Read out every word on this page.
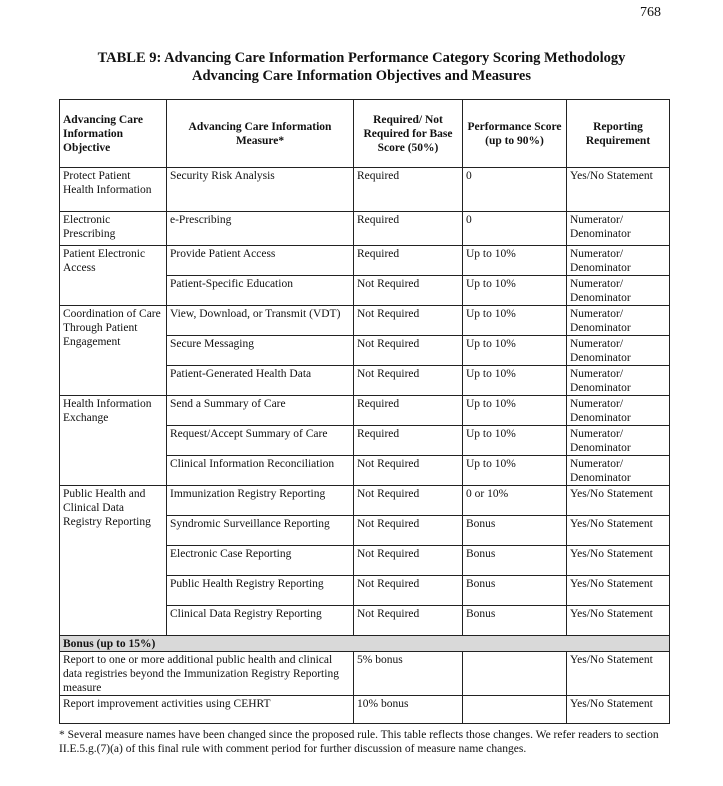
768
TABLE 9: Advancing Care Information Performance Category Scoring Methodology
Advancing Care Information Objectives and Measures
Advancing Care Information Objective	Advancing Care Information Measure*	Required/ Not Required for Base Score (50%)	Performance Score (up to 90%)	Reporting Requirement
Protect Patient Health Information	Security Risk Analysis	Required	0	Yes/No Statement
Electronic Prescribing	e-Prescribing	Required	0	Numerator/ Denominator
Patient Electronic Access	Provide Patient Access	Required	Up to 10%	Numerator/ Denominator
	Patient-Specific Education	Not Required	Up to 10%	Numerator/ Denominator
Coordination of Care Through Patient Engagement	View, Download, or Transmit (VDT)	Not Required	Up to 10%	Numerator/ Denominator
	Secure Messaging	Not Required	Up to 10%	Numerator/ Denominator
	Patient-Generated Health Data	Not Required	Up to 10%	Numerator/ Denominator
Health Information Exchange	Send a Summary of Care	Required	Up to 10%	Numerator/ Denominator
	Request/Accept Summary of Care	Required	Up to 10%	Numerator/ Denominator
	Clinical Information Reconciliation	Not Required	Up to 10%	Numerator/ Denominator
Public Health and Clinical Data Registry Reporting	Immunization Registry Reporting	Not Required	0 or 10%	Yes/No Statement
	Syndromic Surveillance Reporting	Not Required	Bonus	Yes/No Statement
	Electronic Case Reporting	Not Required	Bonus	Yes/No Statement
	Public Health Registry Reporting	Not Required	Bonus	Yes/No Statement
	Clinical Data Registry Reporting	Not Required	Bonus	Yes/No Statement
Bonus (up to 15%)				
Report to one or more additional public health and clinical data registries beyond the Immunization Registry Reporting measure		5% bonus		Yes/No Statement
Report improvement activities using CEHRT		10% bonus		Yes/No Statement
* Several measure names have been changed since the proposed rule. This table reflects those changes. We refer readers to section II.E.5.g.(7)(a) of this final rule with comment period for further discussion of measure name changes.
